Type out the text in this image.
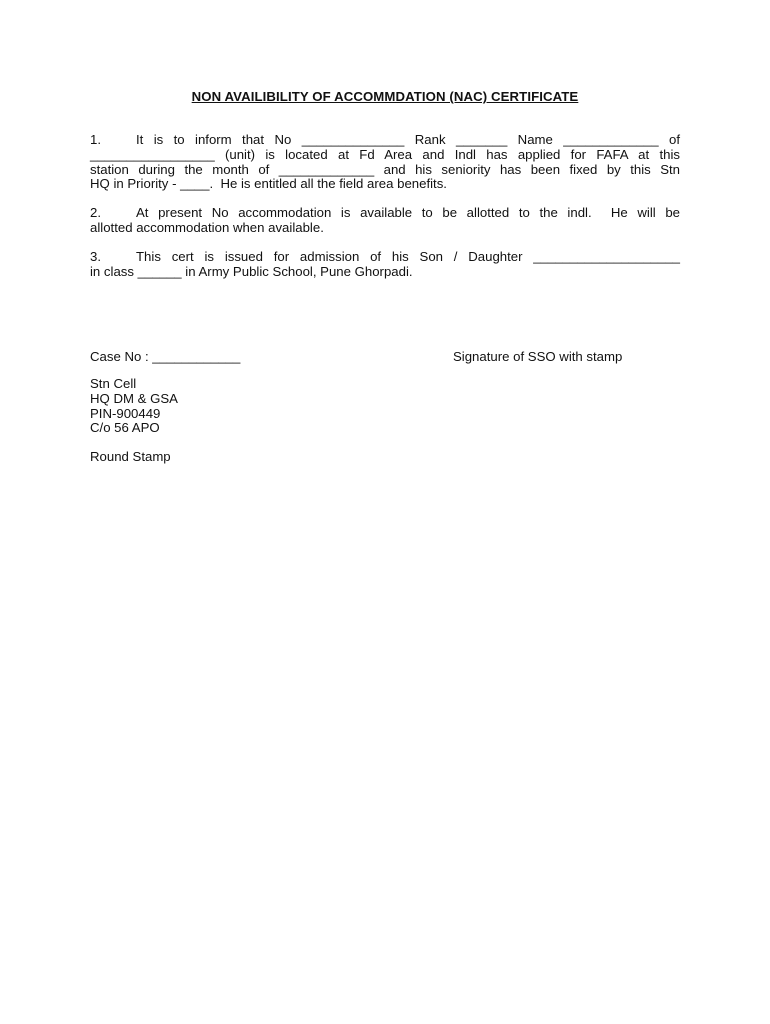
NON AVAILIBILITY OF ACCOMMDATION (NAC) CERTIFICATE
1.	It is to inform that No ______________ Rank _______ Name _____________ of
_________________ (unit) is located at Fd Area and Indl has applied for FAFA at this
station during the month of _____________ and his seniority has been fixed by this Stn
HQ in Priority - ____.  He is entitled all the field area benefits.
2.	At present No accommodation is available to be allotted to the indl.  He will be
allotted accommodation when available.
3.	This cert is issued for admission of his Son / Daughter ____________________
in class ______ in Army Public School, Pune Ghorpadi.
Case No : ____________	Signature of SSO with stamp
Stn Cell
HQ DM & GSA
PIN-900449
C/o 56 APO
Round Stamp
